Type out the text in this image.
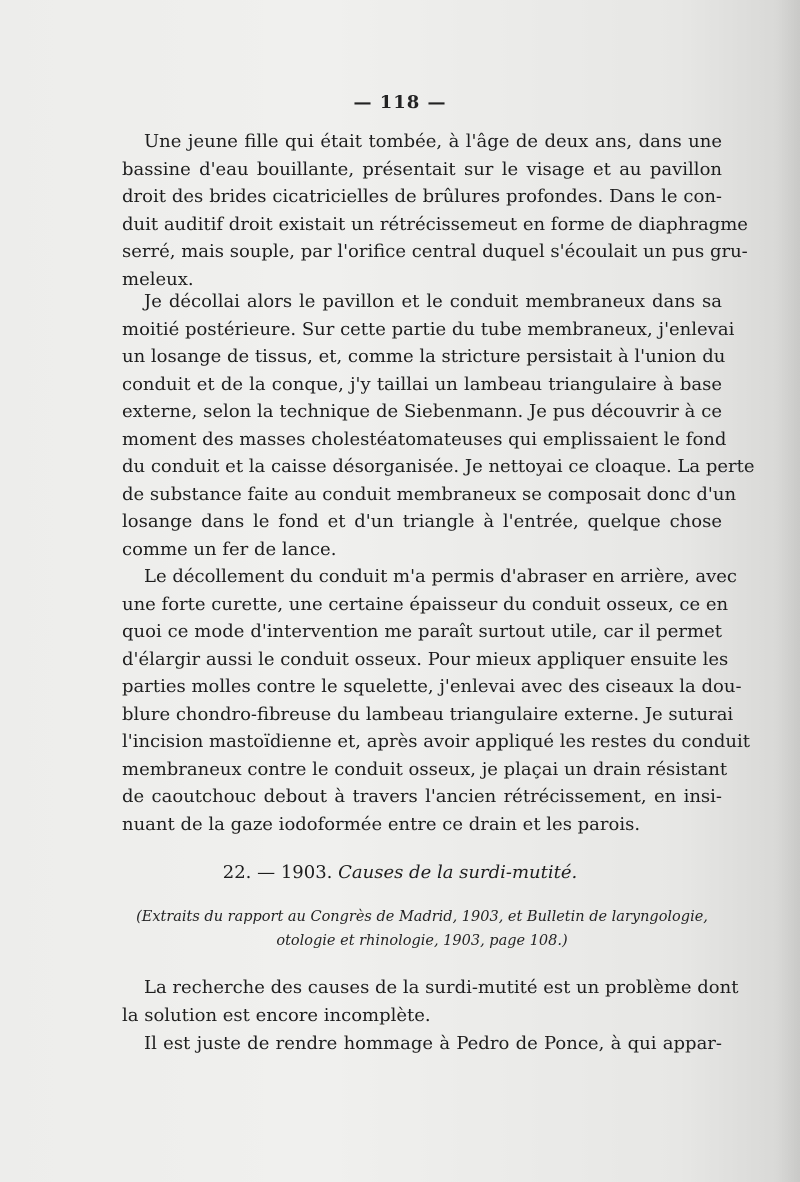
— 118 —
Une jeune fille qui était tombée, à l'âge de deux ans, dans une
bassine d'eau bouillante, présentait sur le visage et au pavillon
droit des brides cicatricielles de brûlures profondes. Dans le con-
duit auditif droit existait un rétrécissemeut en forme de diaphragme
serré, mais souple, par l'orifice central duquel s'écoulait un pus gru-
meleux.
Je décollai alors le pavillon et le conduit membraneux dans sa
moitié postérieure. Sur cette partie du tube membraneux, j'enlevai
un losange de tissus, et, comme la stricture persistait à l'union du
conduit et de la conque, j'y taillai un lambeau triangulaire à base
externe, selon la technique de Siebenmann. Je pus découvrir à ce
moment des masses cholestéatomateuses qui emplissaient le fond
du conduit et la caisse désorganisée. Je nettoyai ce cloaque. La perte
de substance faite au conduit membraneux se composait donc d'un
losange dans le fond et d'un triangle à l'entrée, quelque chose
comme un fer de lance.
Le décollement du conduit m'a permis d'abraser en arrière, avec
une forte curette, une certaine épaisseur du conduit osseux, ce en
quoi ce mode d'intervention me paraît surtout utile, car il permet
d'élargir aussi le conduit osseux. Pour mieux appliquer ensuite les
parties molles contre le squelette, j'enlevai avec des ciseaux la dou-
blure chondro-fibreuse du lambeau triangulaire externe. Je suturai
l'incision mastoïdienne et, après avoir appliqué les restes du conduit
membraneux contre le conduit osseux, je plaçai un drain résistant
de caoutchouc debout à travers l'ancien rétrécissement, en insi-
nuant de la gaze iodoformée entre ce drain et les parois.
22. — 1903. Causes de la surdi-mutité.
(Extraits du rapport au Congrès de Madrid, 1903, et Bulletin de laryngologie,
otologie et rhinologie, 1903, page 108.)
La recherche des causes de la surdi-mutité est un problème dont
la solution est encore incomplète.
Il est juste de rendre hommage à Pedro de Ponce, à qui appar-
